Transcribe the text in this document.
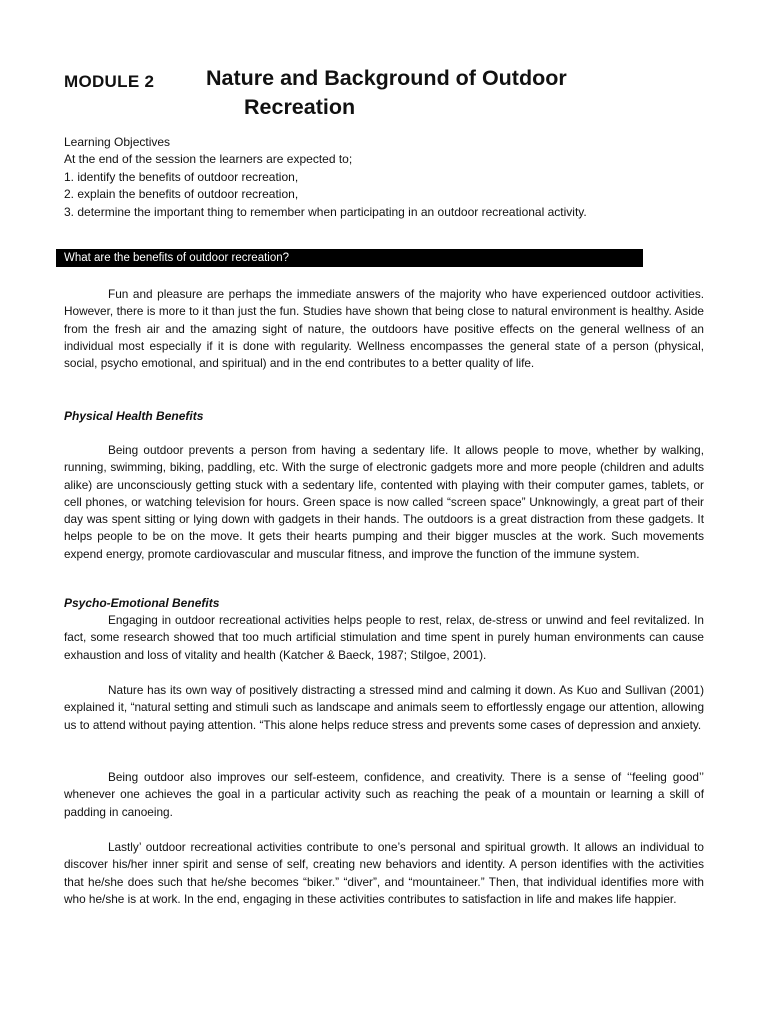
MODULE 2 Nature and Background of Outdoor
Recreation
Learning Objectives
At the end of the session the learners are expected to;
1. identify the benefits of outdoor recreation,
2. explain the benefits of outdoor recreation,
3. determine the important thing to remember when participating in an outdoor recreational activity.
What are the benefits of outdoor recreation?

Fun and pleasure are perhaps the immediate answers of the majority who have experienced outdoor activities. However, there is more to it than just the fun. Studies have shown that being close to natural environment is healthy. Aside from the fresh air and the amazing sight of nature, the outdoors have positive effects on the general wellness of an individual most especially if it is done with regularity. Wellness encompasses the general state of a person (physical, social, psycho emotional, and spiritual) and in the end contributes to a better quality of life.

Physical Health Benefits

Being outdoor prevents a person from having a sedentary life. It allows people to move, whether by walking, running, swimming, biking, paddling, etc. With the surge of electronic gadgets more and more people (children and adults alike) are unconsciously getting stuck with a sedentary life, contented with playing with their computer games, tablets, or cell phones, or watching television for hours. Green space is now called “screen space” Unknowingly, a great part of their day was spent sitting or lying down with gadgets in their hands. The outdoors is a great distraction from these gadgets. It helps people to be on the move. It gets their hearts pumping and their bigger muscles at the work. Such movements expend energy, promote cardiovascular and muscular fitness, and improve the function of the immune system.

Psycho-Emotional Benefits

Engaging in outdoor recreational activities helps people to rest, relax, de-stress or unwind and feel revitalized. In fact, some research showed that too much artificial stimulation and time spent in purely human environments can cause exhaustion and loss of vitality and health (Katcher & Baeck, 1987; Stilgoe, 2001).

Nature has its own way of positively distracting a stressed mind and calming it down. As Kuo and Sullivan (2001) explained it, “natural setting and stimuli such as landscape and animals seem to effortlessly engage our attention, allowing us to attend without paying attention. “This alone helps reduce stress and prevents some cases of depression and anxiety.

Being outdoor also improves our self-esteem, confidence, and creativity. There is a sense of ‘‘feeling good’’ whenever one achieves the goal in a particular activity such as reaching the peak of a mountain or learning a skill of padding in canoeing.

Lastly’ outdoor recreational activities contribute to one’s personal and spiritual growth. It allows an individual to discover his/her inner spirit and sense of self, creating new behaviors and identity. A person identifies with the activities that he/she does such that he/she becomes “biker.” “diver”, and “mountaineer.” Then, that individual identifies more with who he/she is at work. In the end, engaging in these activities contributes to satisfaction in life and makes life happier.
